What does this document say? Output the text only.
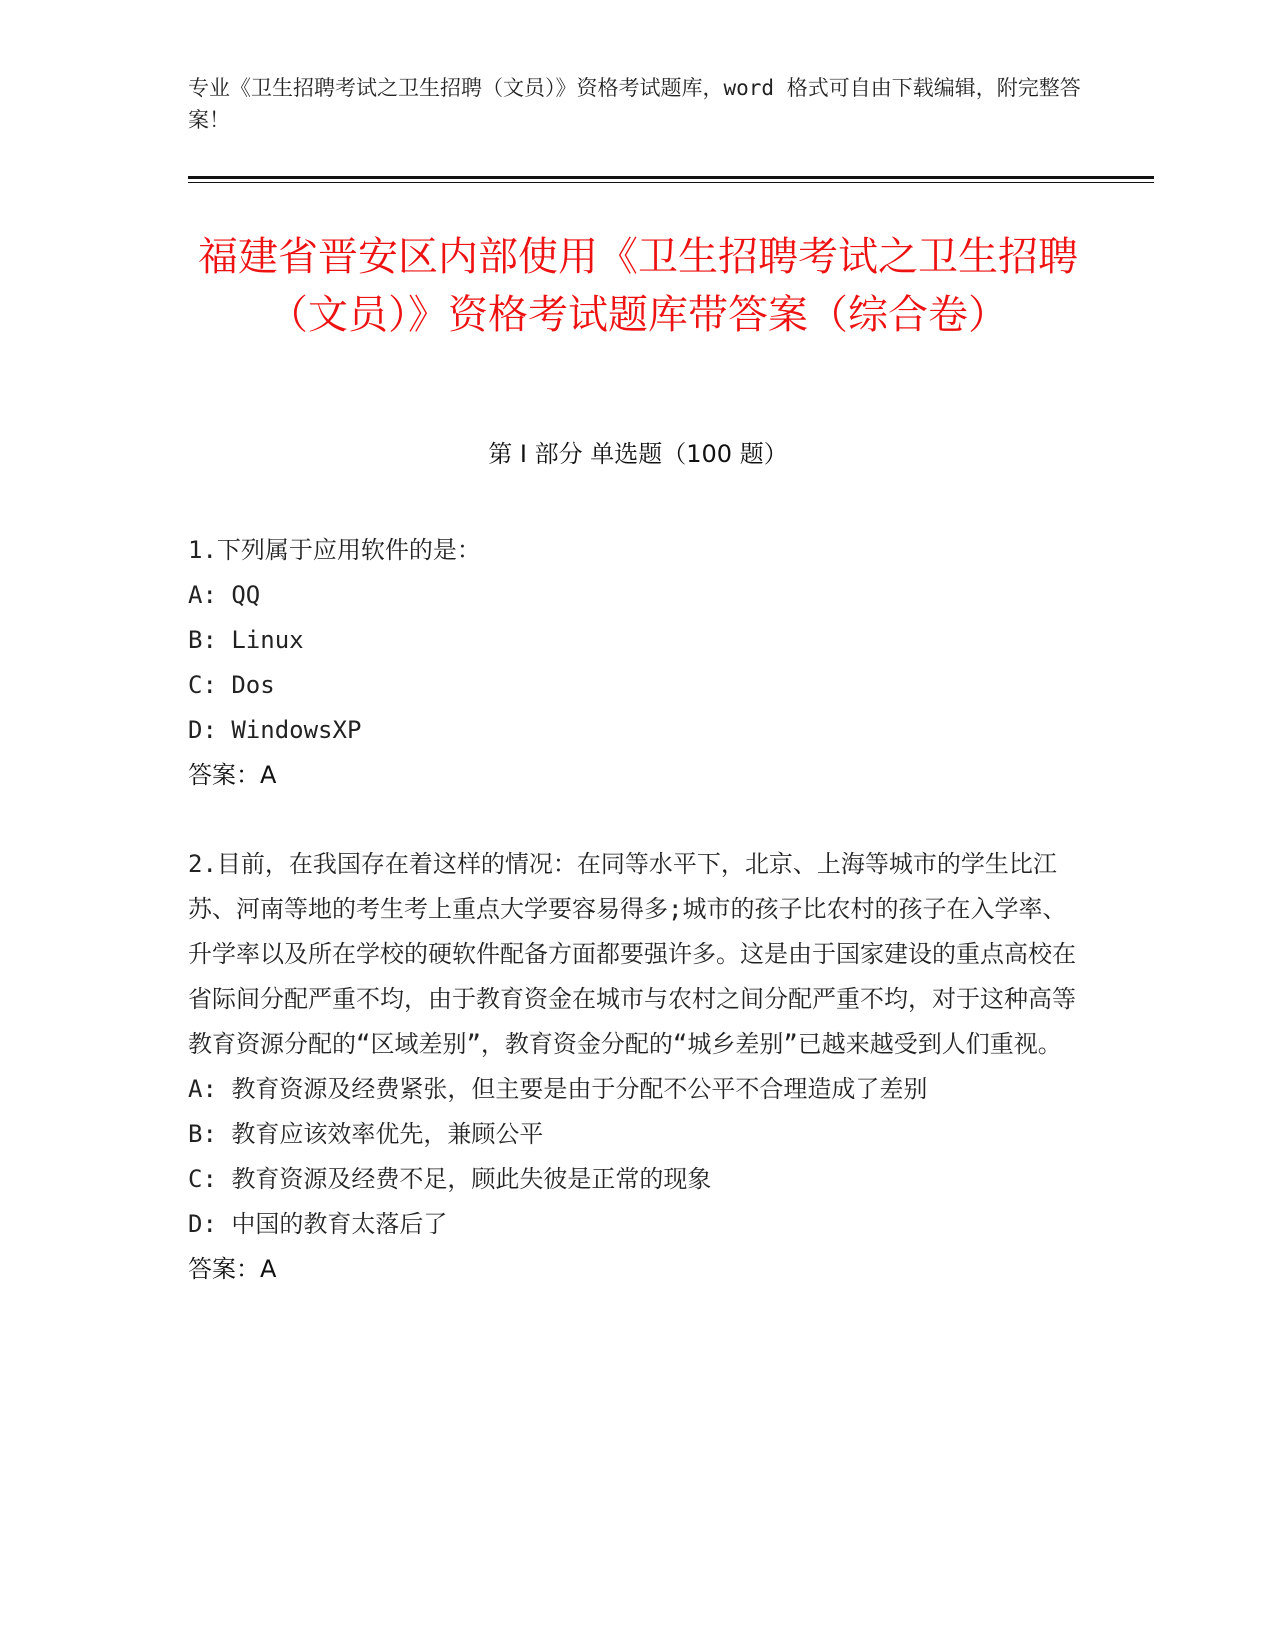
专业《卫生招聘考试之卫生招聘（文员）》资格考试题库，word 格式可自由下载编辑，附完整答案！
福建省晋安区内部使用《卫生招聘考试之卫生招聘（文员）》资格考试题库带答案（综合卷）
第 I 部分 单选题（100 题）
1.下列属于应用软件的是：
A: QQ
B: Linux
C: Dos
D: WindowsXP
答案：A
2.目前，在我国存在着这样的情况：在同等水平下，北京、上海等城市的学生比江苏、河南等地的考生考上重点大学要容易得多;城市的孩子比农村的孩子在入学率、升学率以及所在学校的硬软件配备方面都要强许多。这是由于国家建设的重点高校在省际间分配严重不均，由于教育资金在城市与农村之间分配严重不均，对于这种高等教育资源分配的“区域差别”，教育资金分配的“城乡差别”已越来越受到人们重视。
A: 教育资源及经费紧张，但主要是由于分配不公平不合理造成了差别
B: 教育应该效率优先，兼顾公平
C: 教育资源及经费不足，顾此失彼是正常的现象
D: 中国的教育太落后了
答案：A
